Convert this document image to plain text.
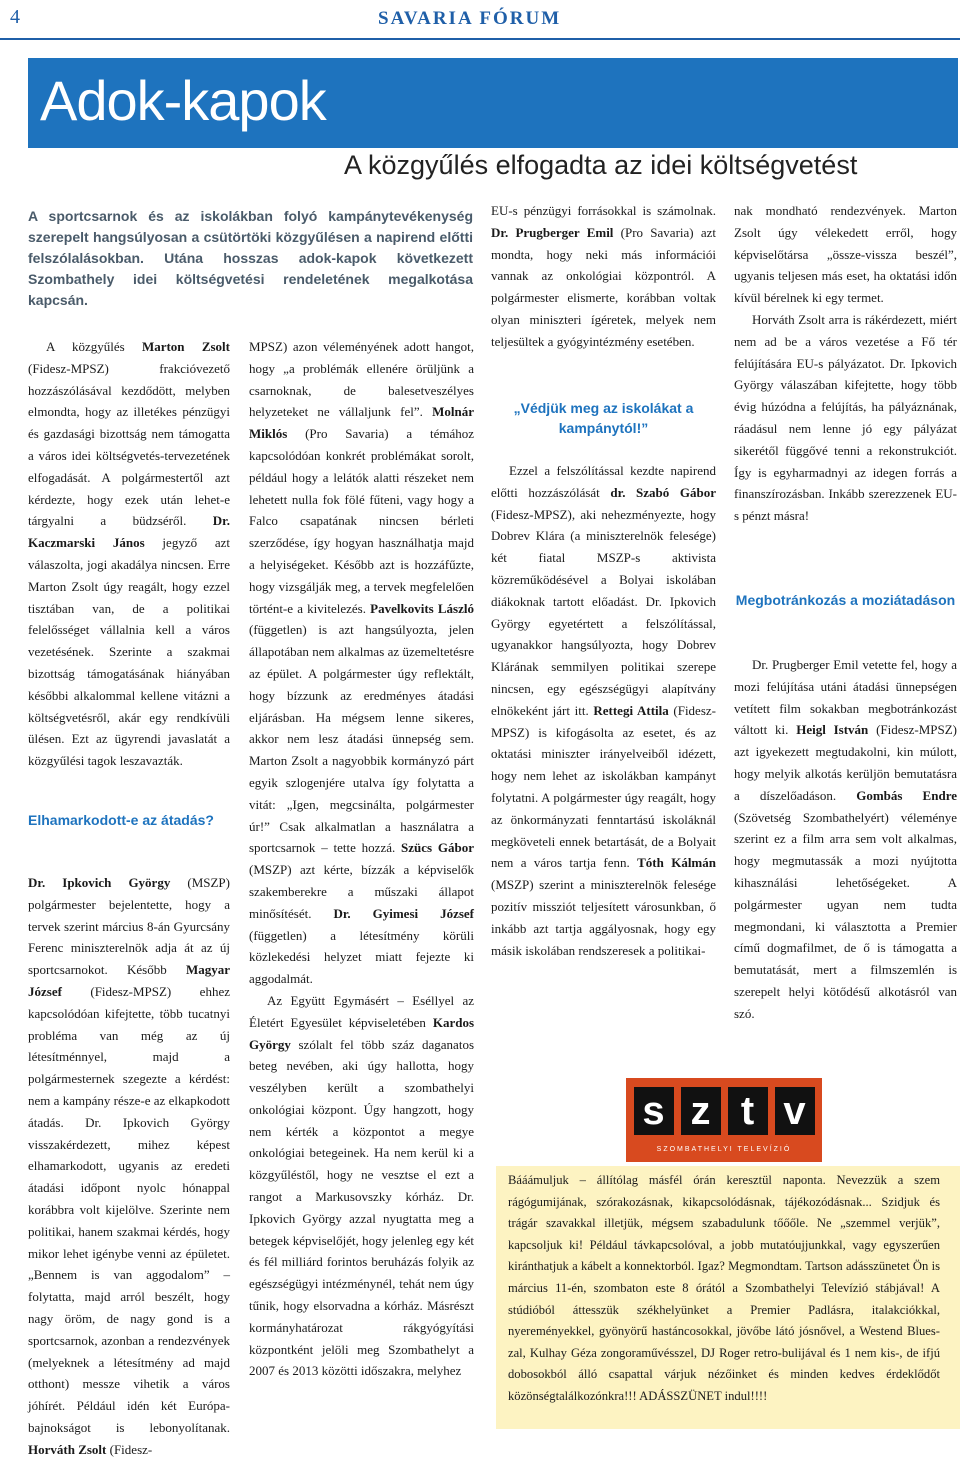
4	SAVARIA FÓRUM
Adok-kapok
A közgyűlés elfogadta az idei költségvetést
A sportcsarnok és az iskolákban folyó kampánytevékenység szerepelt hangsúlyosan a csütörtöki közgyűlésen a napirend előtti felszólalásokban. Utána hosszas adok-kapok következett Szombathely idei költségvetési rendeletének megalkotása kapcsán.

A közgyűlés Marton Zsolt (Fidesz-MPSZ) frakcióvezető hozzászólásával kezdődött, melyben elmondta, hogy az illetékes pénzügyi és gazdasági bizottság nem támogatta a város idei költségvetés-tervezetének elfogadását. A polgármestertől azt kérdezte, hogy ezek után lehet-e tárgyalni a büdzséről. Dr. Kaczmarski János jegyző azt válaszolta, jogi akadálya nincsen. Erre Marton Zsolt úgy reagált, hogy ezzel tisztában van, de a politikai felelősséget vállalnia kell a város vezetésének. Szerinte a szakmai bizottság támogatásának hiányában későbbi alkalommal kellene vitázni a költségvetésről, akár egy rendkívüli ülésen. Ezt az ügyrendi javaslatát a közgyűlési tagok leszavazták.

Elhamarkodott-e az átadás?

Dr. Ipkovich György (MSZP) polgármester bejelentette, hogy a tervek szerint március 8-án Gyurcsány Ferenc miniszterelnök adja át az új sportcsarnokot. Később Magyar József (Fidesz-MPSZ) ehhez kapcsolódóan kifejtette, több tucatnyi probléma van még az új létesítménnyel, majd a polgármesternek szegezte a kérdést: nem a kampány része-e az elkapkodott átadás. Dr. Ipkovich György visszakérdezett, mihez képest elhamarkodott, ugyanis az eredeti átadási időpont nyolc hónappal korábbra volt kijelölve. Szerinte nem politikai, hanem szakmai kérdés, hogy mikor lehet igénybe venni az épületet. „Bennem is van aggodalom” – folytatta, majd arról beszélt, hogy nagy öröm, de nagy gond is a sportcsarnok, azonban a rendezvények (melyeknek a létesítmény ad majd otthont) messze vihetik a város jóhírét. Például idén két Európa-bajnokságot is lebonyolítanak. Horváth Zsolt (Fidesz-

MPSZ) azon véleményének adott hangot, hogy „a problémák ellenére örüljünk a csarnoknak, de balesetveszélyes helyzeteket ne vállaljunk fel”. Molnár Miklós (Pro Savaria) a témához kapcsolódóan konkrét problémákat sorolt, például hogy a lelátók alatti részeket nem lehetett nulla fok fölé fűteni, vagy hogy a Falco csapatának nincsen bérleti szerződése, így hogyan használhatja majd a helyiségeket. Később azt is hozzáfűzte, hogy vizsgálják meg, a tervek megfelelően történt-e a kivitelezés. Pavelkovits László (független) is azt hangsúlyozta, jelen állapotában nem alkalmas az üzemeltetésre az épület. A polgármester úgy reflektált, hogy bízzunk az eredményes átadási eljárásban. Ha mégsem lenne sikeres, akkor nem lesz átadási ünnepség sem. Marton Zsolt a nagyobbik kormányzó párt egyik szlogenjére utalva így folytatta a vitát: „Igen, megcsinálta, polgármester úr!” Csak alkalmatlan a használatra a sportcsarnok – tette hozzá. Szücs Gábor (MSZP) azt kérte, bízzák a képviselők szakemberekre a műszaki állapot minősítését. Dr. Gyimesi József (független) a létesítmény körüli közlekedési helyzet miatt fejezte ki aggodalmát.

Az Együtt Egymásért – Eséllyel az Életért Egyesület képviseletében Kardos György szólalt fel több száz daganatos beteg nevében, aki úgy hallotta, hogy veszélyben került a szombathelyi onkológiai központ. Úgy hangzott, hogy nem kérték a központot a megye onkológiai betegeinek. Ha nem kerül ki a közgyűléstől, hogy ne vesztse el ezt a rangot a Markusovszky kórház. Dr. Ipkovich György azzal nyugtatta meg a betegek képviselőjét, hogy jelenleg egy két és fél milliárd forintos beruházás folyik az egészségügyi intézménynél, tehát nem úgy tűnik, hogy elsorvadna a kórház. Másrészt kormányhatározat rákgyógyítási központként jelöli meg Szombathelyt a 2007 és 2013 közötti időszakra, melyhez

EU-s pénzügyi forrásokkal is számolnak. Dr. Prugberger Emil (Pro Savaria) azt mondta, hogy neki más információi vannak az onkológiai központról. A polgármester elismerte, korábban voltak olyan miniszteri ígéretek, melyek nem teljesültek a gyógyintézmény esetében.

„Védjük meg az iskolákat a kampánytól!”

Ezzel a felszólítással kezdte napirend előtti hozzászólását dr. Szabó Gábor (Fidesz-MPSZ), aki nehezményezte, hogy Dobrev Klára (a miniszterelnök felesége) két fiatal MSZP-s aktivista közreműködésével a Bolyai iskolában diákoknak tartott előadást. Dr. Ipkovich György egyetértett a felszólítással, ugyanakkor hangsúlyozta, hogy Dobrev Klárának semmilyen politikai szerepe nincsen, egy egészségügyi alapítvány elnökeként járt itt. Rettegi Attila (Fidesz-MPSZ) is kifogásolta az esetet, és az oktatási miniszter irányelveiből idézett, hogy nem lehet az iskolákban kampányt folytatni. A polgármester úgy reagált, hogy az önkormányzati fenntartású iskoláknál megköveteli ennek betartását, de a Bolyait nem a város tartja fenn. Tóth Kálmán (MSZP) szerint a miniszterelnök felesége pozitív missziót teljesített városunkban, ő inkább azt tartja aggályosnak, hogy egy másik iskolában rendszeresek a politikai-

nak mondható rendezvények. Marton Zsolt úgy vélekedett erről, hogy képviselőtársa „össze-vissza beszél”, ugyanis teljesen más eset, ha oktatási időn kívül bérelnek ki egy termet.

Horváth Zsolt arra is rákérdezett, miért nem ad be a város vezetése a Fő tér felújítására EU-s pályázatot. Dr. Ipkovich György válaszában kifejtette, hogy több évig húzódna a felújítás, ha pályáznának, ráadásul nem lenne jó egy pályázat sikerétől függővé tenni a rekonstrukciót. Így is egyharmadnyi az idegen forrás a finanszírozásban. Inkább szerezzenek EU-s pénzt másra!

Megbotránkozás a moziátadáson

Dr. Prugberger Emil vetette fel, hogy a mozi felújítása utáni átadási ünnepségen vetített film sokakban megbotránkozást váltott ki. Heigl István (Fidesz-MPSZ) azt igyekezett megtudakolni, kin múlott, hogy melyik alkotás kerüljön bemutatásra a díszelőadáson. Gombás Endre (Szövetség Szombathelyért) véleménye szerint ez a film arra sem volt alkalmas, hogy megmutassák a mozi nyújtotta kihasználási lehetőségeket. A polgármester ugyan nem tudta megmondani, ki választotta a Premier című dogmafilmet, de ő is támogatta a bemutatását, mert a filmszemlén is szerepelt helyi kötődésű alkotásról van szó.

s z t v
SZOMBATHELYI TELEVÍZIÓ
Bááámuljuk – állítólag másfél órán keresztül naponta. Nevezzük a szem rágógumijának, szórakozásnak, kikapcsolódásnak, tájékozódásnak... Szidjuk és trágár szavakkal illetjük, mégsem szabadulunk tőőőle. Ne „szemmel verjük”, kapcsoljuk ki! Például távkapcsolóval, a jobb mutatóujjunkkal, vagy egyszerűen kiránthatjuk a kábelt a konnektorból. Igaz? Megmondtam. Tartson adásszünetet Ön is március 11-én, szombaton este 8 órától a Szombathelyi Televízió stábjával! A stúdióból áttesszük székhelyünket a Premier Padlásra, italakciókkal, nyereményekkel, gyönyörű hastáncosokkal, jövőbe látó jósnővel, a Westend Blues-zal, Kulhay Géza zongoraművésszel, DJ Roger retro-bulijával és 1 nem kis-, de ifjú dobosokból álló csapattal várjuk nézőinket és minden kedves érdeklődőt közönségtalálkozónkra!!! ADÁSSZÜNET indul!!!!
